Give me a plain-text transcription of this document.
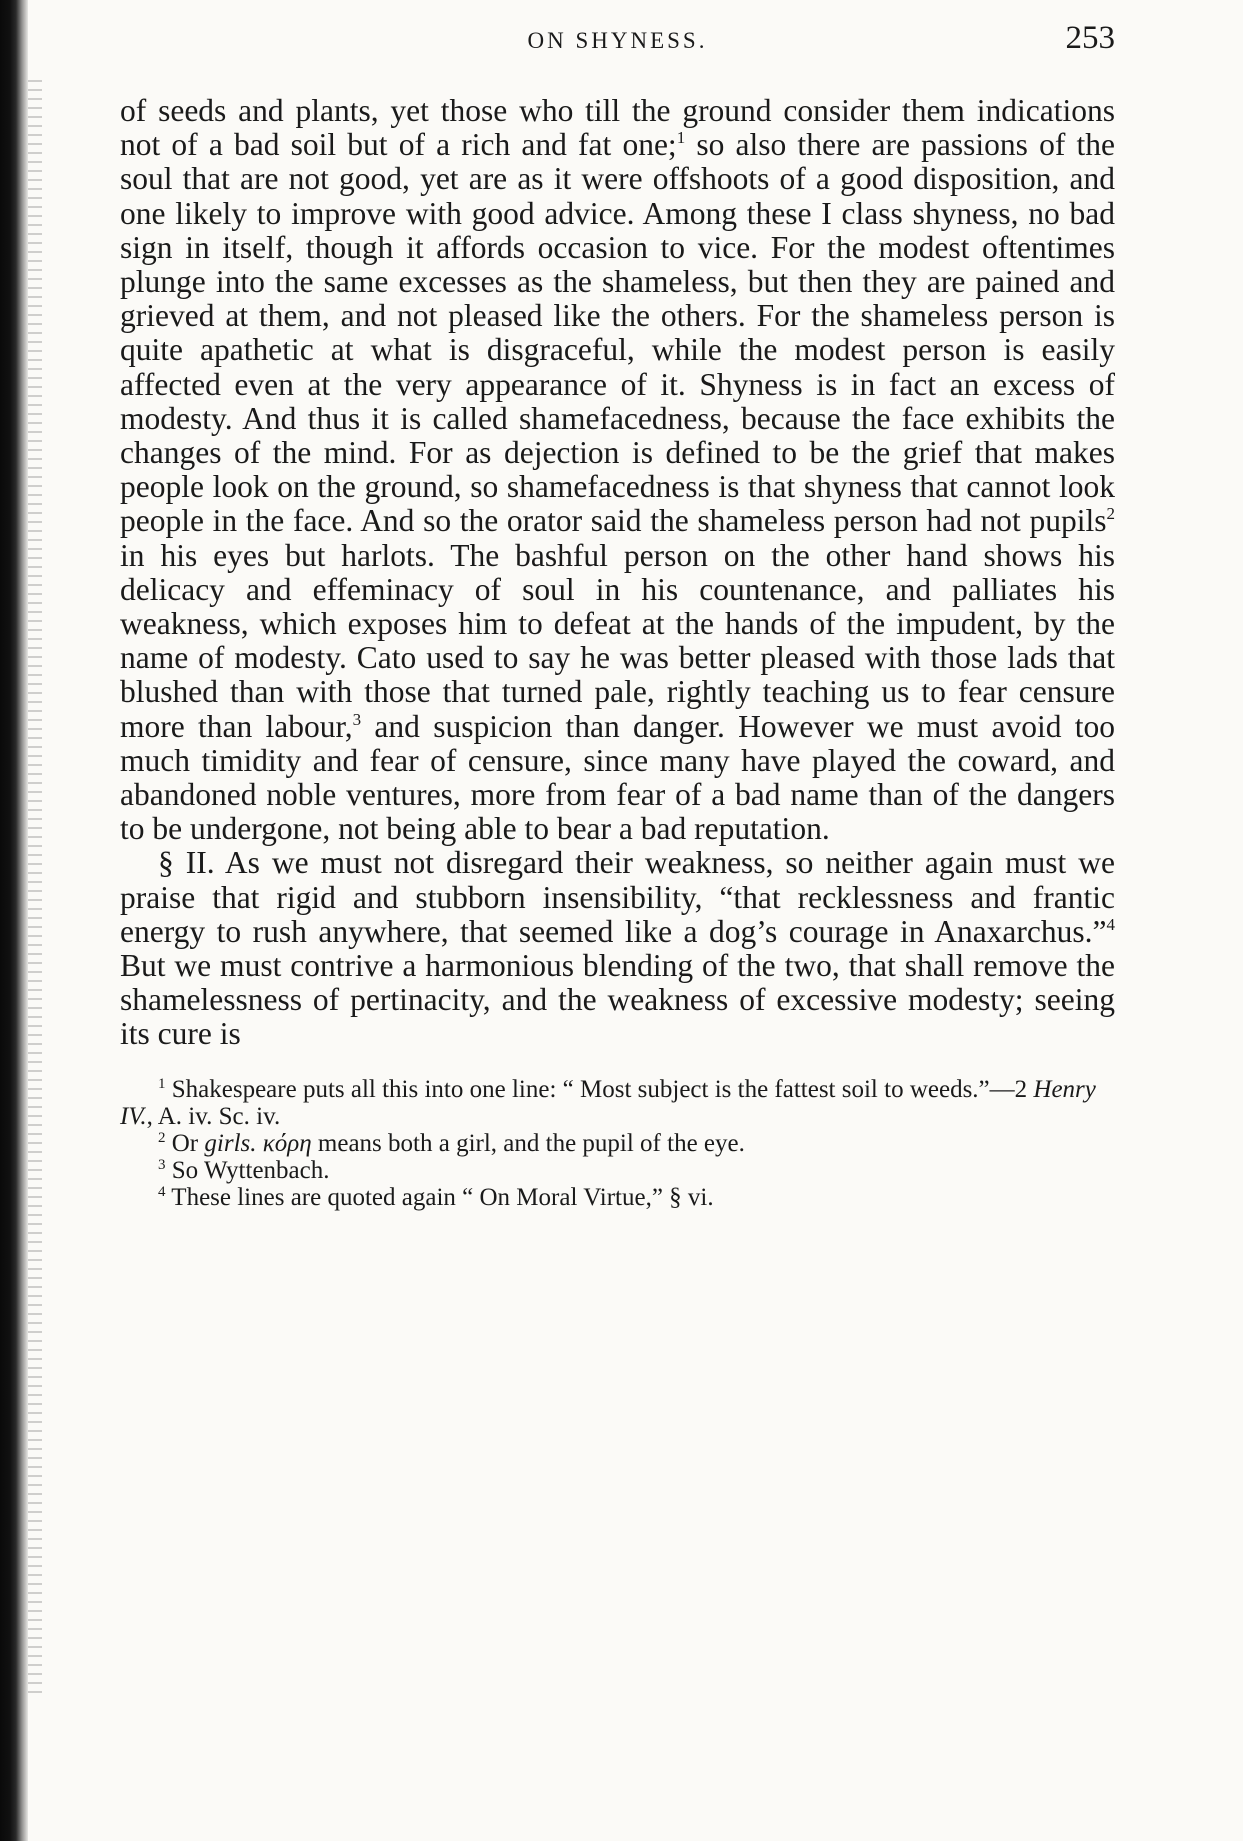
ON SHYNESS.	253

of seeds and plants, yet those who till the ground consider them indications not of a bad soil but of a rich and fat one;$^1$ so also there are passions of the soul that are not good, yet are as it were offshoots of a good disposition, and one likely to improve with good advice. Among these I class shyness, no bad sign in itself, though it affords occasion to vice. For the modest oftentimes plunge into the same excesses as the shameless, but then they are pained and grieved at them, and not pleased like the others. For the shameless person is quite apathetic at what is disgraceful, while the modest person is easily affected even at the very appearance of it. Shyness is in fact an excess of modesty. And thus it is called shamefacedness, because the face exhibits the changes of the mind. For as dejection is defined to be the grief that makes people look on the ground, so shamefacedness is that shyness that cannot look people in the face. And so the orator said the shameless person had not pupils$^2$ in his eyes but harlots. The bashful person on the other hand shows his delicacy and effeminacy of soul in his countenance, and palliates his weakness, which exposes him to defeat at the hands of the impudent, by the name of modesty. Cato used to say he was better pleased with those lads that blushed than with those that turned pale, rightly teaching us to fear censure more than labour,$^3$ and suspicion than danger. However we must avoid too much timidity and fear of censure, since many have played the coward, and abandoned noble ventures, more from fear of a bad name than of the dangers to be undergone, not being able to bear a bad reputation.

§ II. As we must not disregard their weakness, so neither again must we praise that rigid and stubborn insensibility, “that recklessness and frantic energy to rush anywhere, that seemed like a dog’s courage in Anaxarchus.”$^4$ But we must contrive a harmonious blending of the two, that shall remove the shamelessness of pertinacity, and the weakness of excessive modesty; seeing its cure is

$^1$ Shakespeare puts all this into one line: “ Most subject is the fattest soil to weeds.”—2 Henry IV., A. iv. Sc. iv.

$^2$ Or girls. κόρη means both a girl, and the pupil of the eye.

$^3$ So Wyttenbach.

$^4$ These lines are quoted again “ On Moral Virtue,” § vi.
